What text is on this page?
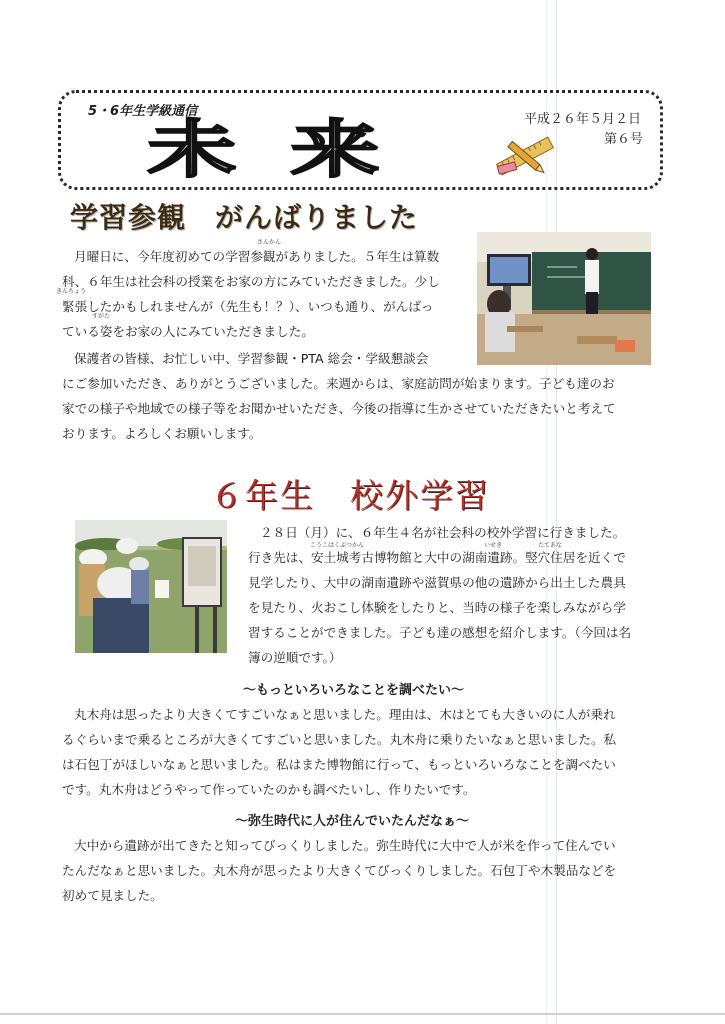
5・6年生学級通信
未来	平成２６年５月２日
第６号
学習参観　がんばりました
さんかん
きんちょう
すがた

月曜日に、今年度初めての学習参観がありました。５年生は算数

科、６年生は社会科の授業をお家の方にみていただきました。少し

緊張したかもしれませんが（先生も！？）、いつも通り、がんばっ

ている姿をお家の人にみていただきました。

保護者の皆様、お忙しい中、学習参観・PTA 総会・学級懇談会

にご参加いただき、ありがとうございました。来週からは、家庭訪問が始まります。子ども達のお

家での様子や地域での様子等をお聞かせいただき、今後の指導に生かさせていただきたいと考えて

おります。よろしくお願いします。

６年生　校外学習
こうこはくぶつかん	いせき	たてあな

２８日（月）に、６年生４名が社会科の校外学習に行きました。

行き先は、安土城考古博物館と大中の湖南遺跡。竪穴住居を近くで

見学したり、大中の湖南遺跡や滋賀県の他の遺跡から出土した農具

を見たり、火おこし体験をしたりと、当時の様子を楽しみながら学

習することができました。子ども達の感想を紹介します。（今回は名

簿の逆順です。）

～もっといろいろなことを調べたい～

丸木舟は思ったより大きくてすごいなぁと思いました。理由は、木はとても大きいのに人が乗れ

るぐらいまで乗るところが大きくてすごいと思いました。丸木舟に乗りたいなぁと思いました。私

は石包丁がほしいなぁと思いました。私はまた博物館に行って、もっといろいろなことを調べたい

です。丸木舟はどうやって作っていたのかも調べたいし、作りたいです。

～弥生時代に人が住んでいたんだなぁ～

大中から遺跡が出てきたと知ってびっくりしました。弥生時代に大中で人が米を作って住んでい

たんだなぁと思いました。丸木舟が思ったより大きくてびっくりしました。石包丁や木製品などを

初めて見ました。
